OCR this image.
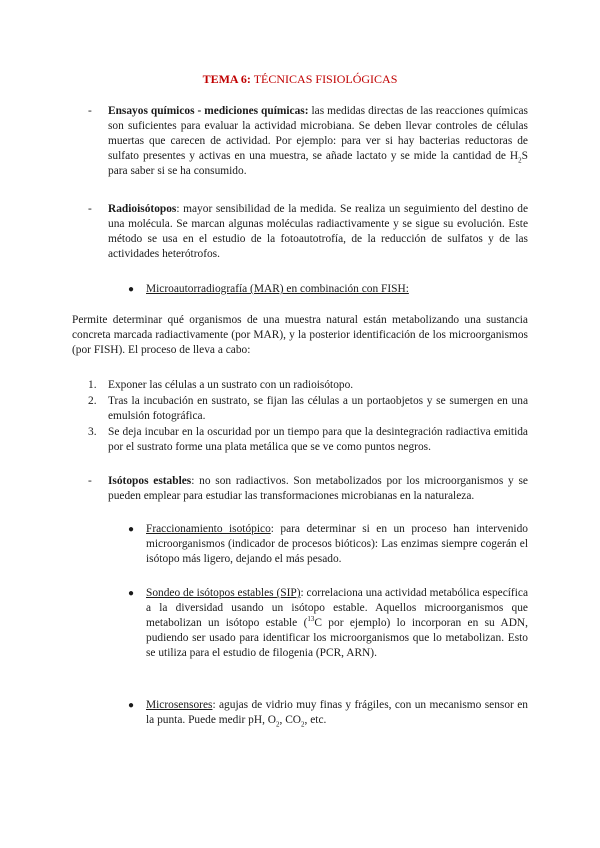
TEMA 6: TÉCNICAS FISIOLÓGICAS
-	Ensayos químicos - mediciones químicas: las medidas directas de las reacciones químicas son suficientes para evaluar la actividad microbiana. Se deben llevar controles de células muertas que carecen de actividad. Por ejemplo: para ver si hay bacterias reductoras de sulfato presentes y activas en una muestra, se añade lactato y se mide la cantidad de $H_2S$ para saber si se ha consumido.
-	Radioisótopos: mayor sensibilidad de la medida. Se realiza un seguimiento del destino de una molécula. Se marcan algunas moléculas radiactivamente y se sigue su evolución. Este método se usa en el estudio de la fotoautotrofía, de la reducción de sulfatos y de las actividades heterótrofos.
●	Microautorradiografía (MAR) en combinación con FISH:
Permite determinar qué organismos de una muestra natural están metabolizando una sustancia concreta marcada radiactivamente (por MAR), y la posterior identificación de los microorganismos (por FISH). El proceso de lleva a cabo:
1.	Exponer las células a un sustrato con un radioisótopo.
2.	Tras la incubación en sustrato, se fijan las células a un portaobjetos y se sumergen en una emulsión fotográfica.
3.	Se deja incubar en la oscuridad por un tiempo para que la desintegración radiactiva emitida por el sustrato forme una plata metálica que se ve como puntos negros.
-	Isótopos estables: no son radiactivos. Son metabolizados por los microorganismos y se pueden emplear para estudiar las transformaciones microbianas en la naturaleza.
●	Fraccionamiento isotópico: para determinar si en un proceso han intervenido microorganismos (indicador de procesos bióticos): Las enzimas siempre cogerán el isótopo más ligero, dejando el más pesado.
●	Sondeo de isótopos estables (SIP): correlaciona una actividad metabólica específica a la diversidad usando un isótopo estable. Aquellos microorganismos que metabolizan un isótopo estable ($^{13}$C por ejemplo) lo incorporan en su ADN, pudiendo ser usado para identificar los microorganismos que lo metabolizan. Esto se utiliza para el estudio de filogenia (PCR, ARN).
●	Microsensores: agujas de vidrio muy finas y frágiles, con un mecanismo sensor en la punta. Puede medir pH, $O_2$, $CO_2$, etc.
